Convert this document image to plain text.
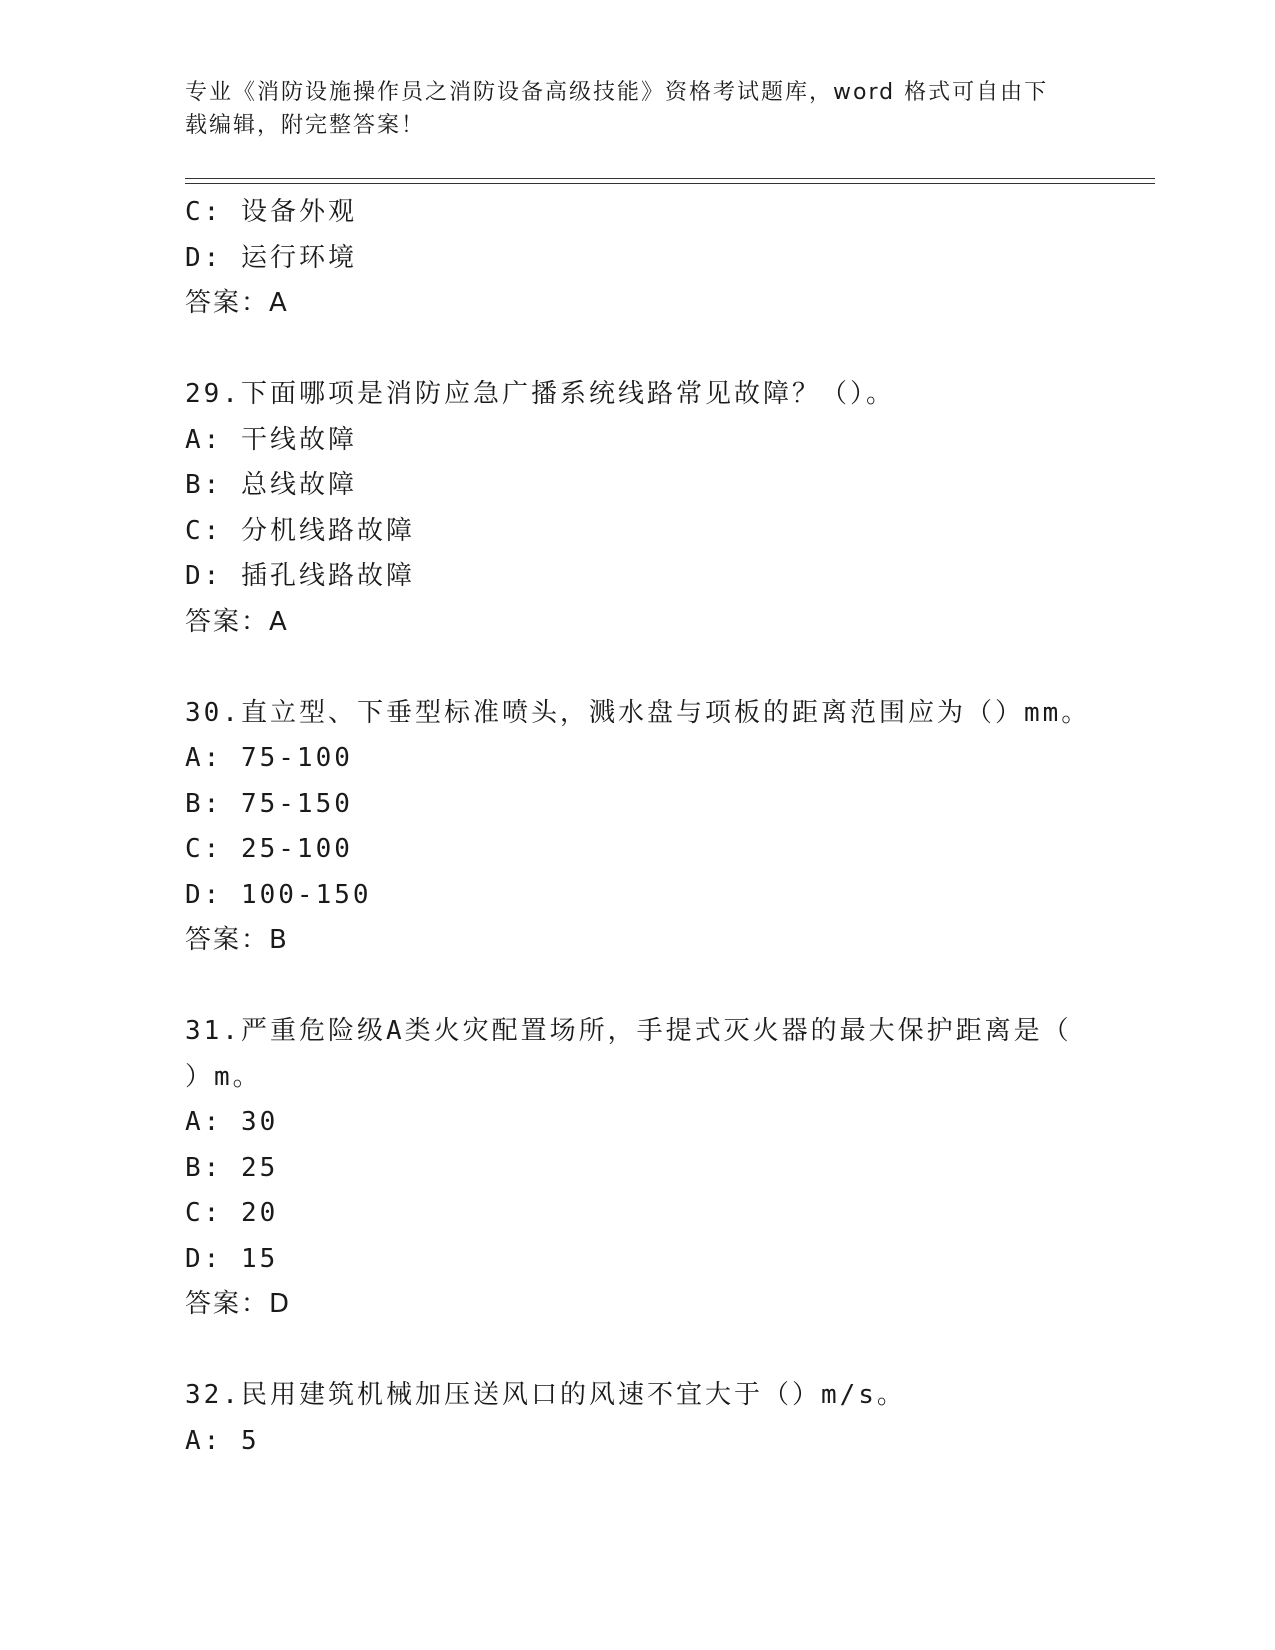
专业《消防设施操作员之消防设备高级技能》资格考试题库，word 格式可自由下载编辑，附完整答案！
C: 设备外观
D: 运行环境
答案：A
29.下面哪项是消防应急广播系统线路常见故障？（）。
A: 干线故障
B: 总线故障
C: 分机线路故障
D: 插孔线路故障
答案：A
30.直立型、下垂型标准喷头，溅水盘与项板的距离范围应为（）mm。
A: 75-100
B: 75-150
C: 25-100
D: 100-150
答案：B
31.严重危险级A类火灾配置场所，手提式灭火器的最大保护距离是（
）m。
A: 30
B: 25
C: 20
D: 15
答案：D
32.民用建筑机械加压送风口的风速不宜大于（）m/s。
A: 5
